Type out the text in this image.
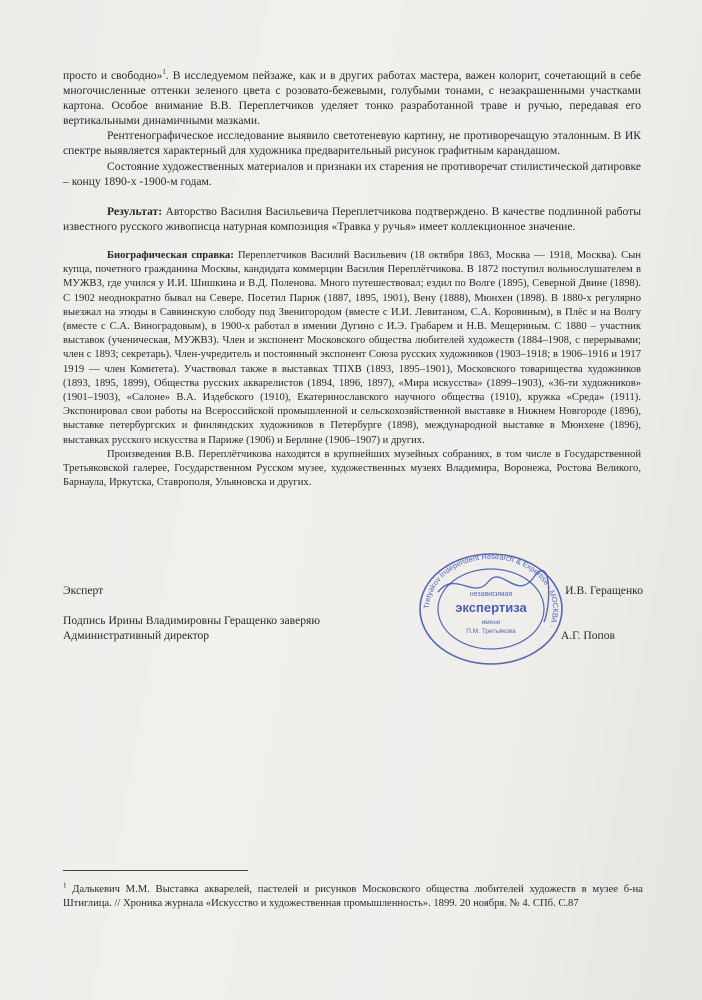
просто и свободно»$^1$. В исследуемом пейзаже, как и в других работах мастера, важен колорит, сочетающий в себе многочисленные оттенки зеленого цвета с розовато-бежевыми, голубыми тонами, с незакрашенными участками картона. Особое внимание В.В. Переплетчиков уделяет тонко разработанной траве и ручью, передавая его вертикальными динамичными мазками.

Рентгенографическое исследование выявило светотеневую картину, не противоречащую эталонным. В ИК спектре выявляется характерный для художника предварительный рисунок графитным карандашом.

Состояние художественных материалов и признаки их старения не противоречат стилистической датировке – концу 1890-х -1900-м годам.

Результат: Авторство Василия Васильевича Переплетчикова подтверждено. В качестве подлинной работы известного русского живописца натурная композиция «Травка у ручья» имеет коллекционное значение.

Биографическая справка: Переплетчиков Василий Васильевич (18 октября 1863, Москва — 1918, Москва). Сын купца, почетного гражданина Москвы, кандидата коммерции Василия Переплётчикова. В 1872 поступил вольнослушателем в МУЖВЗ, где учился у И.И. Шишкина и В.Д. Поленова. Много путешествовал; ездил по Волге (1895), Северной Двине (1898). С 1902 неоднократно бывал на Севере. Посетил Париж (1887, 1895, 1901), Вену (1888), Мюнхен (1898). В 1880-х регулярно выезжал на этюды в Саввинскую слободу под Звенигородом (вместе с И.И. Левитаном, С.А. Коровиным), в Плёс и на Волгу (вместе с С.А. Виноградовым), в 1900-х работал в имении Дугино с И.Э. Грабарем и Н.В. Мещериным. С 1880 – участник выставок (ученическая, МУЖВЗ). Член и экспонент Московского общества любителей художеств (1884–1908, с перерывами; член с 1893; секретарь). Член-учредитель и постоянный экспонент Союза русских художников (1903–1918; в 1906–1916 и 1917 1919 — член Комитета). Участвовал также в выставках ТПХВ (1893, 1895–1901), Московского товарищества художников (1893, 1895, 1899), Общества русских акварелистов (1894, 1896, 1897), «Мира искусства» (1899–1903), «36-ти художников» (1901–1903), «Салоне» В.А. Издебского (1910), Екатеринославского научного общества (1910), кружка «Среда» (1911). Экспонировал свои работы на Всероссийской промышленной и сельскохозяйственной выставке в Нижнем Новгороде (1896), выставке петербургских и финляндских художников в Петербурге (1898), международной выставке в Мюнхене (1896), выставках русского искусства в Париже (1906) и Берлине (1906–1907) и других.

Произведения В.В. Переплётчикова находятся в крупнейших музейных собраниях, в том числе в Государственной Третьяковской галерее, Государственном Русском музее, художественных музеях Владимира, Воронежа, Ростова Великого, Барнаула, Иркутска, Ставрополя, Ульяновска и других.

Эксперт	И.В. Геращенко
Подпись Ирины Владимировны Геращенко заверяю
Административный директор	А.Г. Попов
Tretyakov Independent Research & Expertise · МОСКВА ·
независимая
экспертиза
имени
П.М. Третьякова
$^1$ Далькевич М.М. Выставка акварелей, пастелей и рисунков Московского общества любителей художеств в музее б-на Штиглица. // Хроника журнала «Искусство и художественная промышленность». 1899. 20 ноября. № 4. СПб. С.87
